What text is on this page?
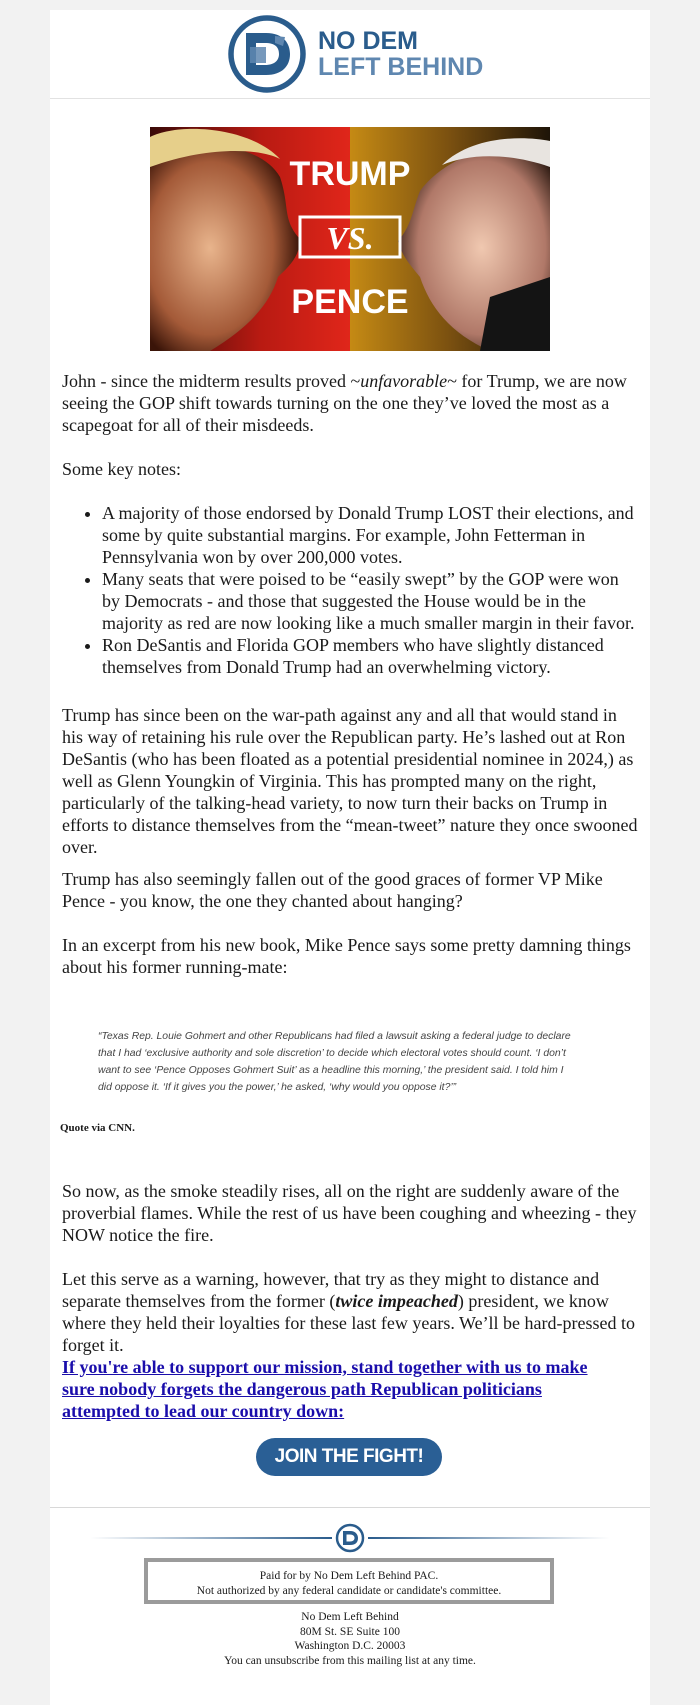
NO DEM
LEFT BEHIND
TRUMP
VS.
PENCE

John - since the midterm results proved ~unfavorable~ for Trump, we are now seeing the GOP shift towards turning on the one they’ve loved the most as a scapegoat for all of their misdeeds.

Some key notes:

• A majority of those endorsed by Donald Trump LOST their elections, and some by quite substantial margins. For example, John Fetterman in Pennsylvania won by over 200,000 votes.
• Many seats that were poised to be “easily swept” by the GOP were won by Democrats - and those that suggested the House would be in the majority as red are now looking like a much smaller margin in their favor.
• Ron DeSantis and Florida GOP members who have slightly distanced themselves from Donald Trump had an overwhelming victory.

Trump has since been on the war-path against any and all that would stand in his way of retaining his rule over the Republican party. He’s lashed out at Ron DeSantis (who has been floated as a potential presidential nominee in 2024,) as well as Glenn Youngkin of Virginia. This has prompted many on the right, particularly of the talking-head variety, to now turn their backs on Trump in efforts to distance themselves from the “mean-tweet” nature they once swooned over.

Trump has also seemingly fallen out of the good graces of former VP Mike Pence - you know, the one they chanted about hanging?

In an excerpt from his new book, Mike Pence says some pretty damning things about his former running-mate:

“Texas Rep. Louie Gohmert and other Republicans had filed a lawsuit asking a federal judge to declare that I had ‘exclusive authority and sole discretion’ to decide which electoral votes should count. ‘I don’t want to see ‘Pence Opposes Gohmert Suit’ as a headline this morning,’ the president said. I told him I did oppose it. ‘If it gives you the power,’ he asked, ‘why would you oppose it?’”
Quote via CNN.

So now, as the smoke steadily rises, all on the right are suddenly aware of the proverbial flames. While the rest of us have been coughing and wheezing - they NOW notice the fire.

Let this serve as a warning, however, that try as they might to distance and separate themselves from the former (twice impeached) president, we know where they held their loyalties for these last few years. We’ll be hard-pressed to forget it.

If you're able to support our mission, stand together with us to make sure nobody forgets the dangerous path Republican politicians attempted to lead our country down:
JOIN THE FIGHT!
Paid for by No Dem Left Behind PAC.
Not authorized by any federal candidate or candidate's committee.
No Dem Left Behind
80M St. SE Suite 100
Washington D.C. 20003
You can unsubscribe from this mailing list at any time.
